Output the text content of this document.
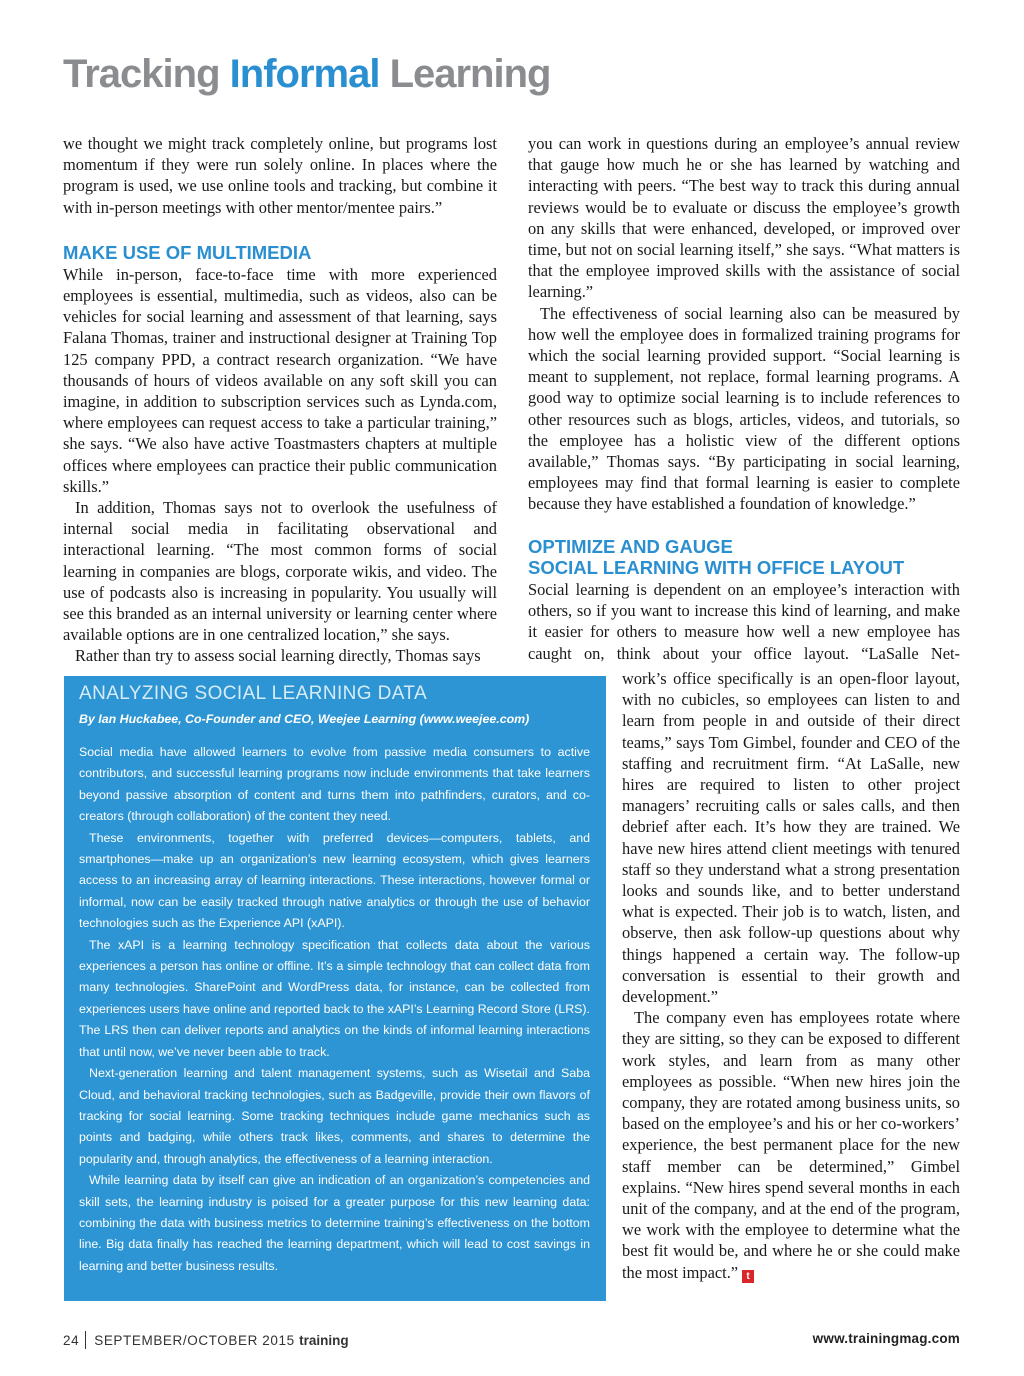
Tracking Informal Learning

we thought we might track completely online, but programs lost momentum if they were run solely online. In places where the program is used, we use online tools and tracking, but combine it with in-person meetings with other mentor/mentee pairs.”

MAKE USE OF MULTIMEDIA

While in-person, face-to-face time with more experienced employees is essential, multimedia, such as videos, also can be vehicles for social learning and assessment of that learning, says Falana Thomas, trainer and instructional designer at Training Top 125 company PPD, a contract research organization. “We have thousands of hours of videos available on any soft skill you can imagine, in addition to subscription services such as Lynda.com, where employees can request access to take a particular training,” she says. “We also have active Toastmasters chapters at multiple offices where employees can practice their public communication skills.”

In addition, Thomas says not to overlook the usefulness of internal social media in facilitating observational and interactional learning. “The most common forms of social learning in companies are blogs, corporate wikis, and video. The use of podcasts also is increasing in popularity. You usually will see this branded as an internal university or learning center where available options are in one centralized location,” she says.

Rather than try to assess social learning directly, Thomas says

you can work in questions during an employee’s annual review that gauge how much he or she has learned by watching and interacting with peers. “The best way to track this during annual reviews would be to evaluate or discuss the employee’s growth on any skills that were enhanced, developed, or improved over time, but not on social learning itself,” she says. “What matters is that the employee improved skills with the assistance of social learning.”

The effectiveness of social learning also can be measured by how well the employee does in formalized training programs for which the social learning provided support. “Social learning is meant to supplement, not replace, formal learning programs. A good way to optimize social learning is to include references to other resources such as blogs, articles, videos, and tutorials, so the employee has a holistic view of the different options available,” Thomas says. “By participating in social learning, employees may find that formal learning is easier to complete because they have established a foundation of knowledge.”

OPTIMIZE AND GAUGE
SOCIAL LEARNING WITH OFFICE LAYOUT

Social learning is dependent on an employee’s interaction with others, so if you want to increase this kind of learning, and make it easier for others to measure how well a new employee has caught on, think about your office layout. “LaSalle Net-

work’s office specifically is an open-floor layout, with no cubicles, so employees can listen to and learn from people in and outside of their direct teams,” says Tom Gimbel, founder and CEO of the staffing and recruitment firm. “At LaSalle, new hires are required to listen to other project managers’ recruiting calls or sales calls, and then debrief after each. It’s how they are trained. We have new hires attend client meetings with tenured staff so they understand what a strong presentation looks and sounds like, and to better understand what is expected. Their job is to watch, listen, and observe, then ask follow-up questions about why things happened a certain way. The follow-up conversation is essential to their growth and development.”

The company even has employees rotate where they are sitting, so they can be exposed to different work styles, and learn from as many other employees as possible. “When new hires join the company, they are rotated among business units, so based on the employee’s and his or her co-workers’ experience, the best permanent place for the new staff member can be determined,” Gimbel explains. “New hires spend several months in each unit of the company, and at the end of the program, we work with the employee to determine what the best fit would be, and where he or she could make the most impact.” t

ANALYZING SOCIAL LEARNING DATA
By Ian Huckabee, Co-Founder and CEO, Weejee Learning (www.weejee.com)

Social media have allowed learners to evolve from passive media consumers to active contributors, and successful learning programs now include environments that take learners beyond passive absorption of content and turns them into pathfinders, curators, and co-creators (through collaboration) of the content they need.

These environments, together with preferred devices—computers, tablets, and smartphones—make up an organization’s new learning ecosystem, which gives learners access to an increasing array of learning interactions. These interactions, however formal or informal, now can be easily tracked through native analytics or through the use of behavior technologies such as the Experience API (xAPI).

The xAPI is a learning technology specification that collects data about the various experiences a person has online or offline. It’s a simple technology that can collect data from many technologies. SharePoint and WordPress data, for instance, can be collected from experiences users have online and reported back to the xAPI’s Learning Record Store (LRS). The LRS then can deliver reports and analytics on the kinds of informal learning interactions that until now, we’ve never been able to track.

Next-generation learning and talent management systems, such as Wisetail and Saba Cloud, and behavioral tracking technologies, such as Badgeville, provide their own flavors of tracking for social learning. Some tracking techniques include game mechanics such as points and badging, while others track likes, comments, and shares to determine the popularity and, through analytics, the effectiveness of a learning interaction.

While learning data by itself can give an indication of an organization’s competencies and skill sets, the learning industry is poised for a greater purpose for this new learning data: combining the data with business metrics to determine training’s effectiveness on the bottom line. Big data finally has reached the learning department, which will lead to cost savings in learning and better business results.

24 SEPTEMBER/OCTOBER 2015 training	www.trainingmag.com
